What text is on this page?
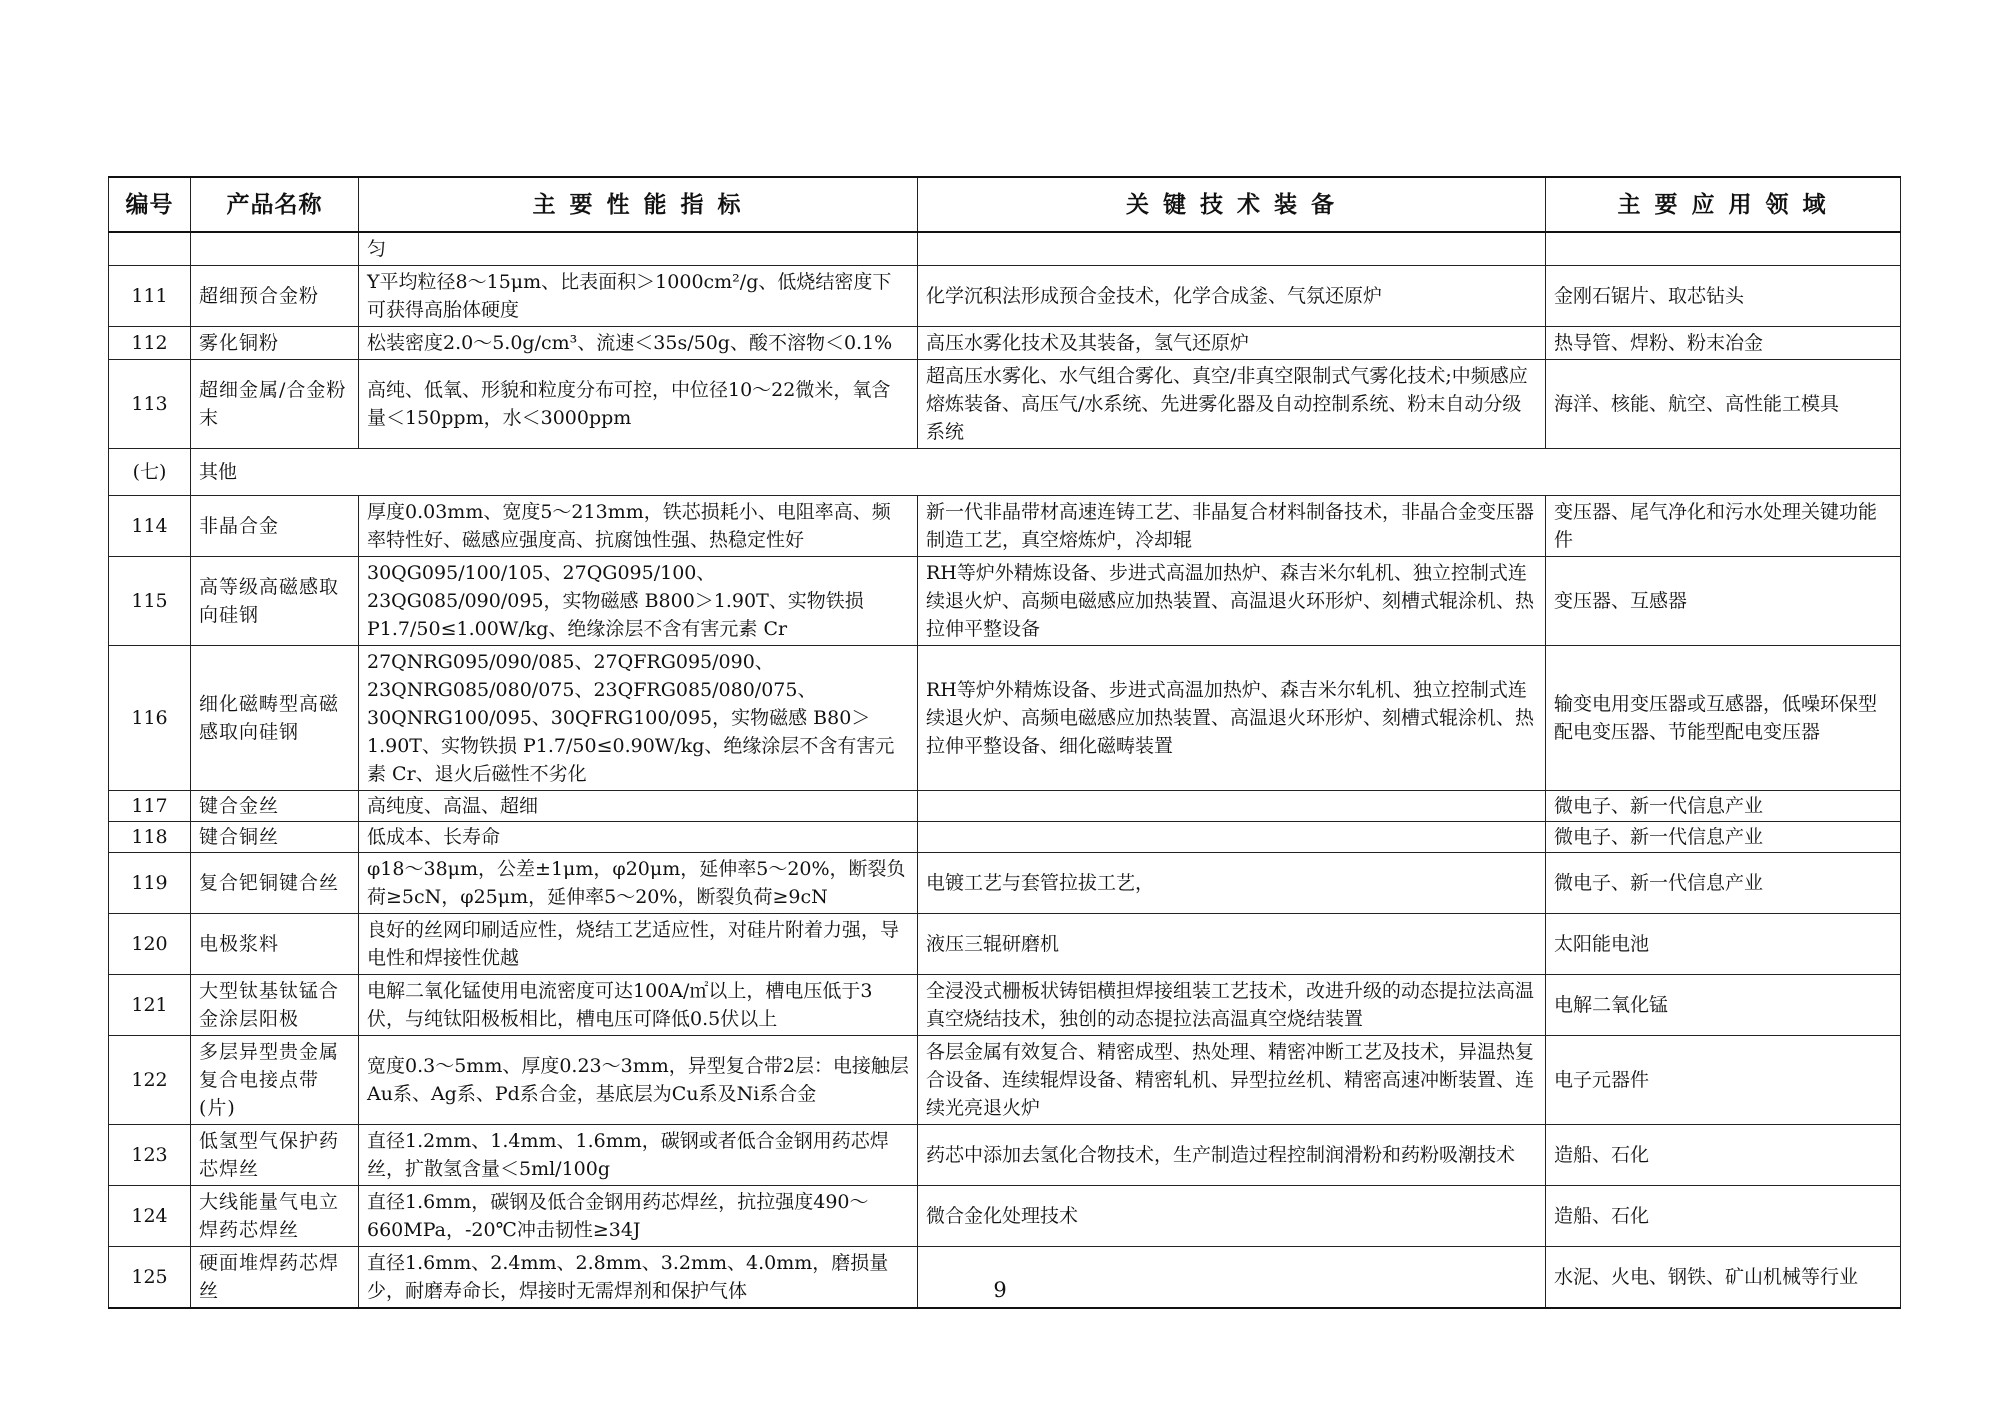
编号	产品名称	主 要 性 能 指 标	关 键 技 术 装 备	主 要 应 用 领 域
		匀		
111	超细预合金粉	Y平均粒径8～15μm、比表面积＞1000cm²/g、低烧结密度下可获得高胎体硬度	化学沉积法形成预合金技术，化学合成釜、气氛还原炉	金刚石锯片、取芯钻头
112	雾化铜粉	松装密度2.0～5.0g/cm³、流速＜35s/50g、酸不溶物＜0.1%	高压水雾化技术及其装备，氢气还原炉	热导管、焊粉、粉末冶金
113	超细金属/合金粉末	高纯、低氧、形貌和粒度分布可控，中位径10～22微米，氧含量＜150ppm，水＜3000ppm	超高压水雾化、水气组合雾化、真空/非真空限制式气雾化技术;中频感应熔炼装备、高压气/水系统、先进雾化器及自动控制系统、粉末自动分级系统	海洋、核能、航空、高性能工模具
(七)	其他			
114	非晶合金	厚度0.03mm、宽度5～213mm，铁芯损耗小、电阻率高、频率特性好、磁感应强度高、抗腐蚀性强、热稳定性好	新一代非晶带材高速连铸工艺、非晶复合材料制备技术，非晶合金变压器制造工艺，真空熔炼炉，冷却辊	变压器、尾气净化和污水处理关键功能件
115	高等级高磁感取向硅钢	30QG095/100/105、27QG095/100、23QG085/090/095，实物磁感 B800＞1.90T、实物铁损 P1.7/50≤1.00W/kg、绝缘涂层不含有害元素 Cr	RH等炉外精炼设备、步进式高温加热炉、森吉米尔轧机、独立控制式连续退火炉、高频电磁感应加热装置、高温退火环形炉、刻槽式辊涂机、热拉伸平整设备	变压器、互感器
116	细化磁畴型高磁感取向硅钢	27QNRG095/090/085、27QFRG095/090、23QNRG085/080/075、23QFRG085/080/075、30QNRG100/095、30QFRG100/095，实物磁感 B80＞1.90T、实物铁损 P1.7/50≤0.90W/kg、绝缘涂层不含有害元素 Cr、退火后磁性不劣化	RH等炉外精炼设备、步进式高温加热炉、森吉米尔轧机、独立控制式连续退火炉、高频电磁感应加热装置、高温退火环形炉、刻槽式辊涂机、热拉伸平整设备、细化磁畴装置	输变电用变压器或互感器，低噪环保型配电变压器、节能型配电变压器
117	键合金丝	高纯度、高温、超细		微电子、新一代信息产业
118	键合铜丝	低成本、长寿命		微电子、新一代信息产业
119	复合钯铜键合丝	φ18～38μm，公差±1μm，φ20μm，延伸率5～20%，断裂负荷≥5cN，φ25μm，延伸率5～20%，断裂负荷≥9cN	电镀工艺与套管拉拔工艺，	微电子、新一代信息产业
120	电极浆料	良好的丝网印刷适应性，烧结工艺适应性，对硅片附着力强，导电性和焊接性优越	液压三辊研磨机	太阳能电池
121	大型钛基钛锰合金涂层阳极	电解二氧化锰使用电流密度可达100A/㎡以上，槽电压低于3伏，与纯钛阳极板相比，槽电压可降低0.5伏以上	全浸没式栅板状铸铝横担焊接组装工艺技术，改进升级的动态提拉法高温真空烧结技术，独创的动态提拉法高温真空烧结装置	电解二氧化锰
122	多层异型贵金属复合电接点带(片)	宽度0.3～5mm、厚度0.23～3mm，异型复合带2层：电接触层Au系、Ag系、Pd系合金，基底层为Cu系及Ni系合金	各层金属有效复合、精密成型、热处理、精密冲断工艺及技术，异温热复合设备、连续辊焊设备、精密轧机、异型拉丝机、精密高速冲断装置、连续光亮退火炉	电子元器件
123	低氢型气保护药芯焊丝	直径1.2mm、1.4mm、1.6mm，碳钢或者低合金钢用药芯焊丝，扩散氢含量＜5ml/100g	药芯中添加去氢化合物技术，生产制造过程控制润滑粉和药粉吸潮技术	造船、石化
124	大线能量气电立焊药芯焊丝	直径1.6mm，碳钢及低合金钢用药芯焊丝，抗拉强度490～660MPa，-20℃冲击韧性≥34J	微合金化处理技术	造船、石化
125	硬面堆焊药芯焊丝	直径1.6mm、2.4mm、2.8mm、3.2mm、4.0mm，磨损量少，耐磨寿命长，焊接时无需焊剂和保护气体		水泥、火电、钢铁、矿山机械等行业
9
